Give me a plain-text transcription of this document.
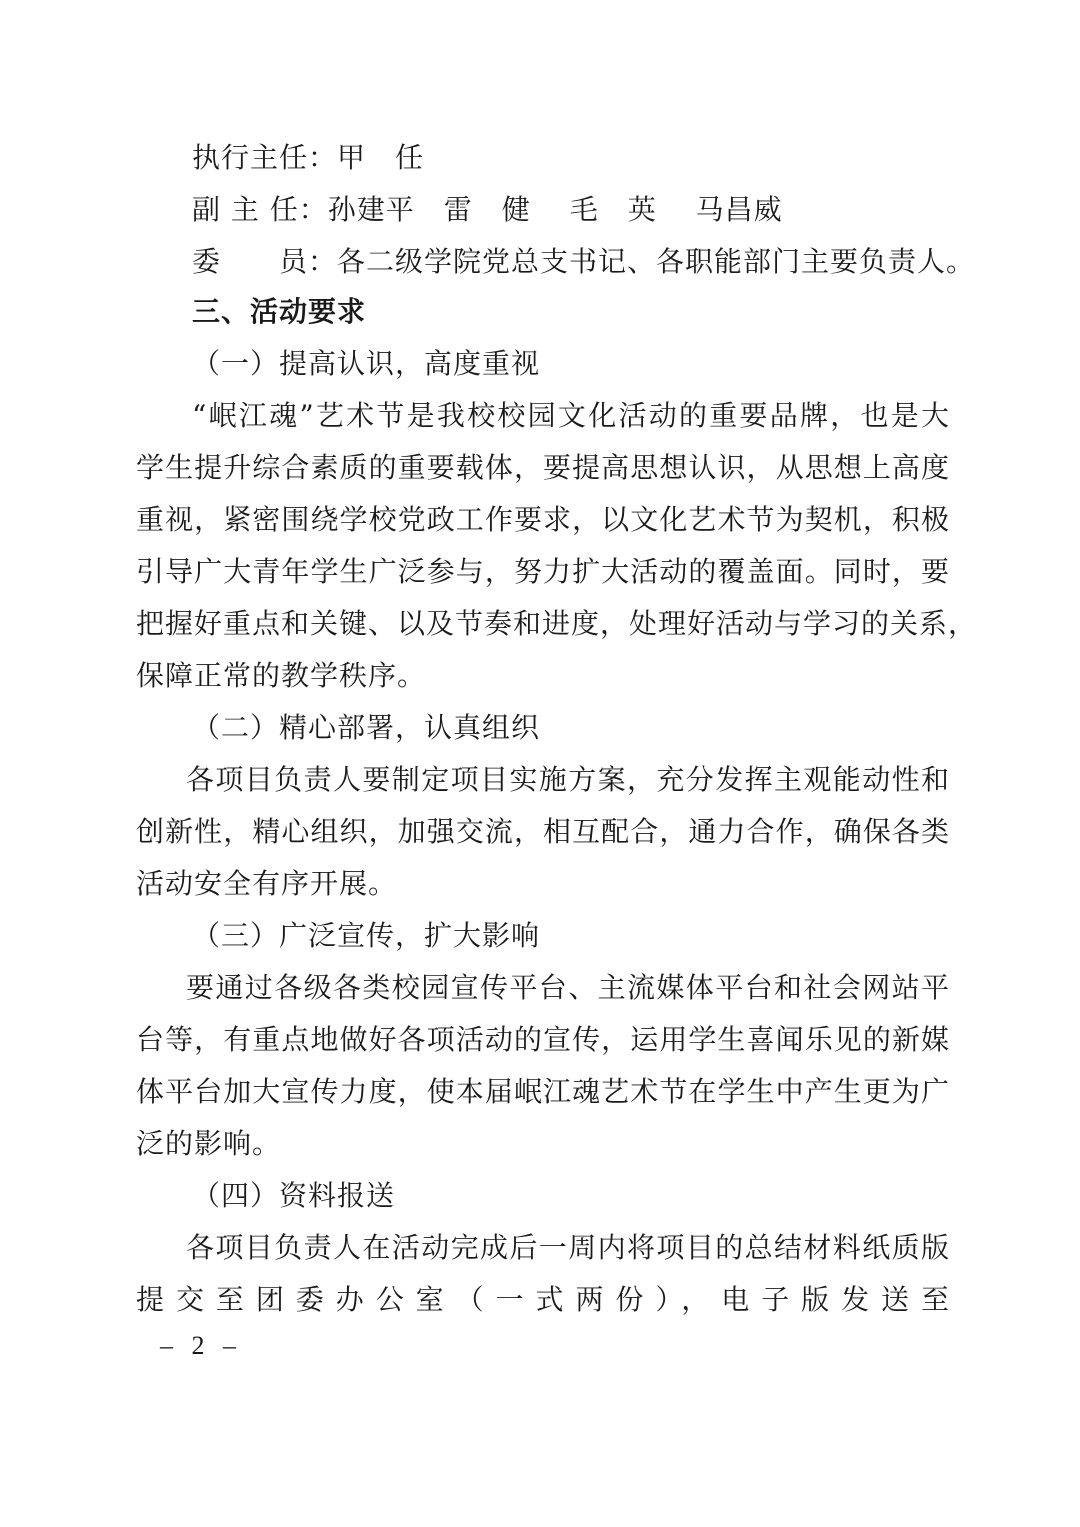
执行主任：甲　任
副 主 任：孙建平　雷　健　 毛　英　 马昌威
委　　员：各二级学院党总支书记、各职能部门主要负责人。
三、活动要求
（一）提高认识，高度重视
“岷江魂”艺术节是我校校园文化活动的重要品牌，也是大
学生提升综合素质的重要载体，要提高思想认识，从思想上高度
重视，紧密围绕学校党政工作要求，以文化艺术节为契机，积极
引导广大青年学生广泛参与，努力扩大活动的覆盖面。同时，要
把握好重点和关键、以及节奏和进度，处理好活动与学习的关系，
保障正常的教学秩序。
（二）精心部署，认真组织
各项目负责人要制定项目实施方案，充分发挥主观能动性和
创新性，精心组织，加强交流，相互配合，通力合作，确保各类
活动安全有序开展。
（三）广泛宣传，扩大影响
要通过各级各类校园宣传平台、主流媒体平台和社会网站平
台等，有重点地做好各项活动的宣传，运用学生喜闻乐见的新媒
体平台加大宣传力度，使本届岷江魂艺术节在学生中产生更为广
泛的影响。
（四）资料报送
各项目负责人在活动完成后一周内将项目的总结材料纸质版
提交至团委办公室（一式两份），电子版发送至
– 2 –
